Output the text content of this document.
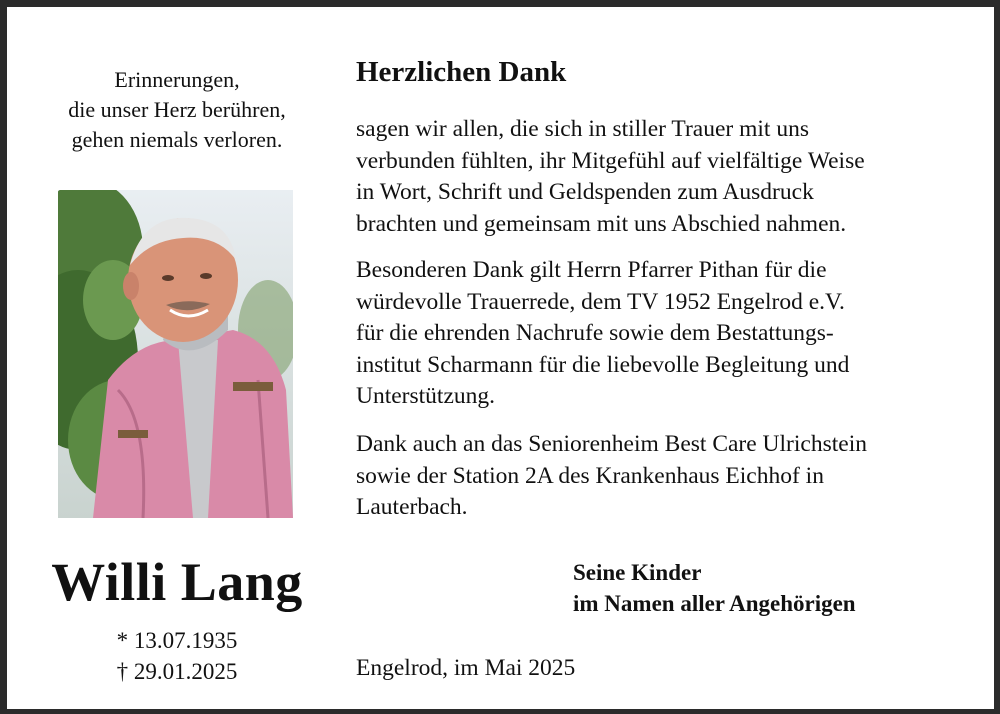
Erinnerungen,
die unser Herz berühren,
gehen niemals verloren.
Willi Lang
* 13.07.1935
† 29.01.2025
Herzlichen Dank
sagen wir allen, die sich in stiller Trauer mit uns
verbunden fühlten, ihr Mitgefühl auf vielfältige Weise
in Wort, Schrift und Geldspenden zum Ausdruck
brachten und gemeinsam mit uns Abschied nahmen.
Besonderen Dank gilt Herrn Pfarrer Pithan für die
würdevolle Trauerrede, dem TV 1952 Engelrod e.V.
für die ehrenden Nachrufe sowie dem Bestattungs-
institut Scharmann für die liebevolle Begleitung und
Unterstützung.
Dank auch an das Seniorenheim Best Care Ulrichstein
sowie der Station 2A des Krankenhaus Eichhof in
Lauterbach.
Seine Kinder
im Namen aller Angehörigen
Engelrod, im Mai 2025
